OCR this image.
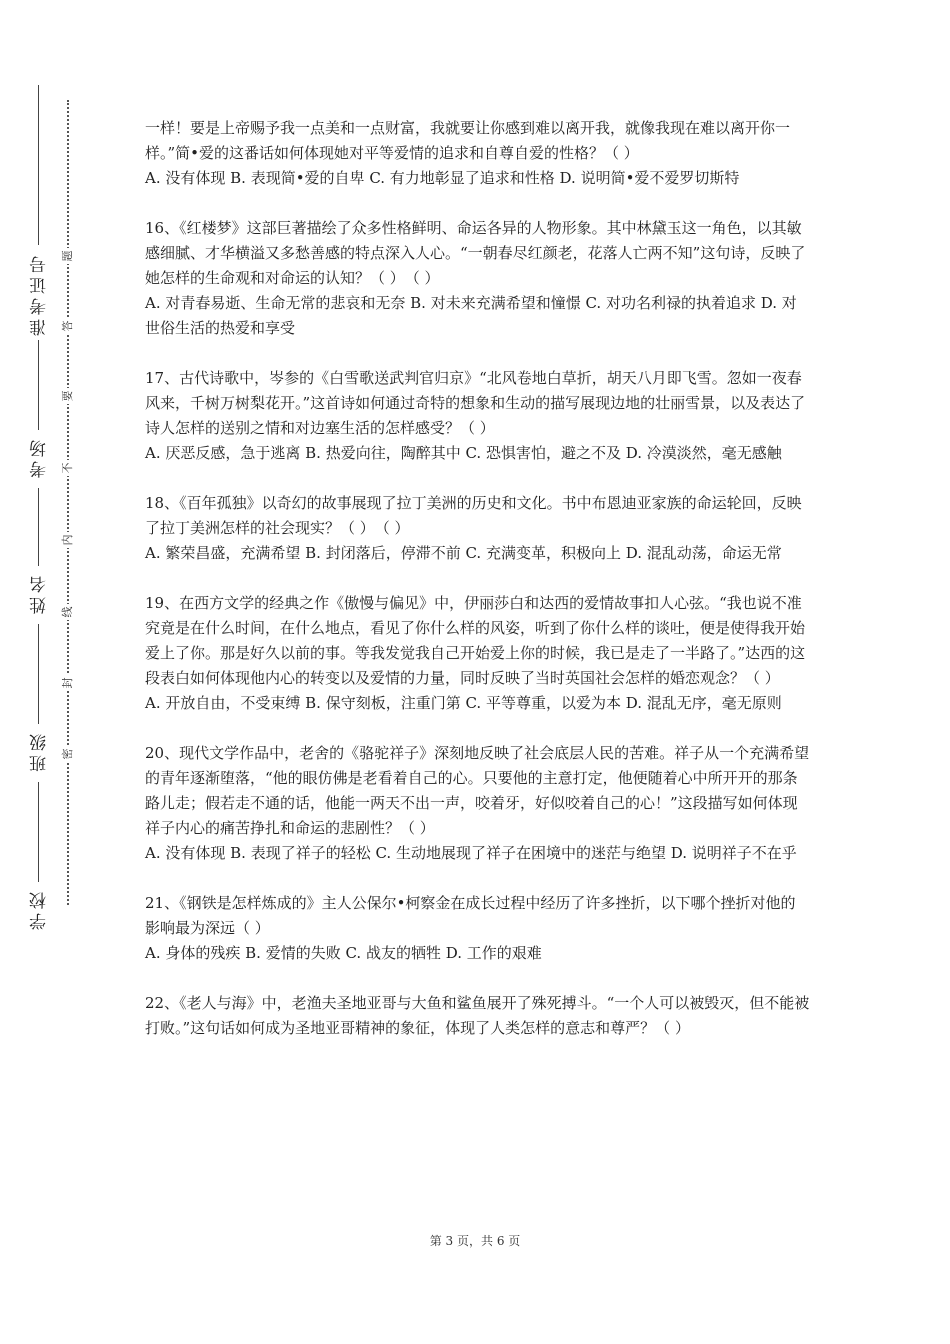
准考证号
考场
姓名
班级
学校
题
答
要
不
内
线
封
密

一样！要是上帝赐予我一点美和一点财富，我就要让你感到难以离开我，就像我现在难以离开你一样。”简•爱的这番话如何体现她对平等爱情的追求和自尊自爱的性格？（ ）

A. 没有体现 B. 表现简•爱的自卑 C. 有力地彰显了追求和性格 D. 说明简•爱不爱罗切斯特

16、《红楼梦》这部巨著描绘了众多性格鲜明、命运各异的人物形象。其中林黛玉这一角色，以其敏感细腻、才华横溢又多愁善感的特点深入人心。“一朝春尽红颜老，花落人亡两不知”这句诗，反映了她怎样的生命观和对命运的认知？（ ）　（ ）

A. 对青春易逝、生命无常的悲哀和无奈 B. 对未来充满希望和憧憬 C. 对功名利禄的执着追求 D. 对世俗生活的热爱和享受

17、古代诗歌中，岑参的《白雪歌送武判官归京》“北风卷地白草折，胡天八月即飞雪。忽如一夜春风来，千树万树梨花开。”这首诗如何通过奇特的想象和生动的描写展现边地的壮丽雪景，以及表达了诗人怎样的送别之情和对边塞生活的怎样感受？（ ）

A. 厌恶反感，急于逃离 B. 热爱向往，陶醉其中 C. 恐惧害怕，避之不及 D. 冷漠淡然，毫无感触

18、《百年孤独》以奇幻的故事展现了拉丁美洲的历史和文化。书中布恩迪亚家族的命运轮回，反映了拉丁美洲怎样的社会现实？（ ）　（ ）

A. 繁荣昌盛，充满希望 B. 封闭落后，停滞不前 C. 充满变革，积极向上 D. 混乱动荡，命运无常

19、在西方文学的经典之作《傲慢与偏见》中，伊丽莎白和达西的爱情故事扣人心弦。“我也说不准究竟是在什么时间，在什么地点，看见了你什么样的风姿，听到了你什么样的谈吐，便是使得我开始爱上了你。那是好久以前的事。等我发觉我自己开始爱上你的时候，我已是走了一半路了。”达西的这段表白如何体现他内心的转变以及爱情的力量，同时反映了当时英国社会怎样的婚恋观念？（ ）

A. 开放自由，不受束缚 B. 保守刻板，注重门第 C. 平等尊重，以爱为本 D. 混乱无序，毫无原则

20、现代文学作品中，老舍的《骆驼祥子》深刻地反映了社会底层人民的苦难。祥子从一个充满希望的青年逐渐堕落，“他的眼仿佛是老看着自己的心。只要他的主意打定，他便随着心中所开开的那条路儿走；假若走不通的话，他能一两天不出一声，咬着牙，好似咬着自己的心！”这段描写如何体现祥子内心的痛苦挣扎和命运的悲剧性？（ ）

A. 没有体现 B. 表现了祥子的轻松 C. 生动地展现了祥子在困境中的迷茫与绝望 D. 说明祥子不在乎

21、《钢铁是怎样炼成的》主人公保尔•柯察金在成长过程中经历了许多挫折，以下哪个挫折对他的影响最为深远（ ）

A. 身体的残疾 B. 爱情的失败 C. 战友的牺牲 D. 工作的艰难

22、《老人与海》中，老渔夫圣地亚哥与大鱼和鲨鱼展开了殊死搏斗。“一个人可以被毁灭，但不能被打败。”这句话如何成为圣地亚哥精神的象征，体现了人类怎样的意志和尊严？（ ）

第 3 页，共 6 页
